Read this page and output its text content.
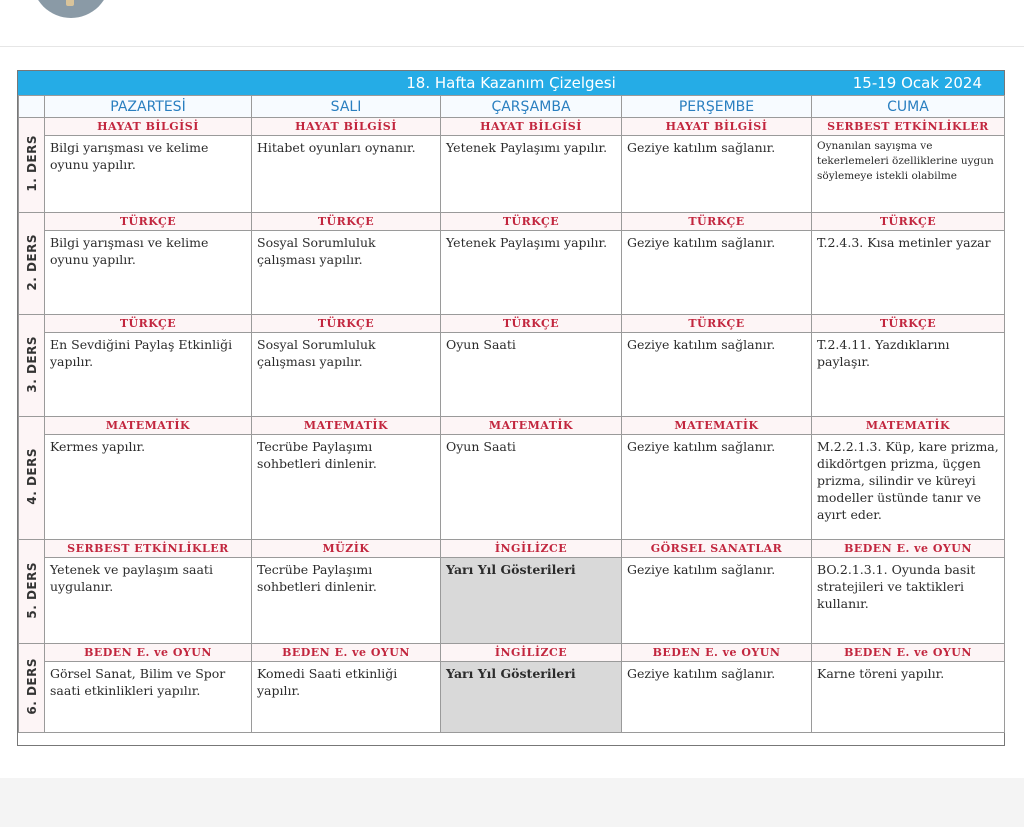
18. Hafta Kazanım Çizelgesi	15-19 Ocak 2024
	PAZARTESİ	SALI	ÇARŞAMBA	PERŞEMBE	CUMA
1. DERS	HAYAT BİLGİSİ	HAYAT BİLGİSİ	HAYAT BİLGİSİ	HAYAT BİLGİSİ	SERBEST ETKİNLİKLER
	Bilgi yarışması ve kelime oyunu yapılır.	Hitabet oyunları oynanır.	Yetenek Paylaşımı yapılır.	Geziye katılım sağlanır.	Oynanılan sayışma ve tekerlemeleri özelliklerine uygun söylemeye istekli olabilme
2. DERS	TÜRKÇE	TÜRKÇE	TÜRKÇE	TÜRKÇE	TÜRKÇE
	Bilgi yarışması ve kelime oyunu yapılır.	Sosyal Sorumluluk çalışması yapılır.	Yetenek Paylaşımı yapılır.	Geziye katılım sağlanır.	T.2.4.3. Kısa metinler yazar
3. DERS	TÜRKÇE	TÜRKÇE	TÜRKÇE	TÜRKÇE	TÜRKÇE
	En Sevdiğini Paylaş Etkinliği yapılır.	Sosyal Sorumluluk çalışması yapılır.	Oyun Saati	Geziye katılım sağlanır.	T.2.4.11. Yazdıklarını paylaşır.
4. DERS	MATEMATİK	MATEMATİK	MATEMATİK	MATEMATİK	MATEMATİK
	Kermes yapılır.	Tecrübe Paylaşımı sohbetleri dinlenir.	Oyun Saati	Geziye katılım sağlanır.	M.2.2.1.3. Küp, kare prizma, dikdörtgen prizma, üçgen prizma, silindir ve küreyi modeller üstünde tanır ve ayırt eder.
5. DERS	SERBEST ETKİNLİKLER	MÜZİK	İNGİLİZCE	GÖRSEL SANATLAR	BEDEN E. ve OYUN
	Yetenek ve paylaşım saati uygulanır.	Tecrübe Paylaşımı sohbetleri dinlenir.	Yarı Yıl Gösterileri	Geziye katılım sağlanır.	BO.2.1.3.1. Oyunda basit stratejileri ve taktikleri kullanır.
6. DERS	BEDEN E. ve OYUN	BEDEN E. ve OYUN	İNGİLİZCE	BEDEN E. ve OYUN	BEDEN E. ve OYUN
	Görsel Sanat, Bilim ve Spor saati etkinlikleri yapılır.	Komedi Saati etkinliği yapılır.	Yarı Yıl Gösterileri	Geziye katılım sağlanır.	Karne töreni yapılır.
